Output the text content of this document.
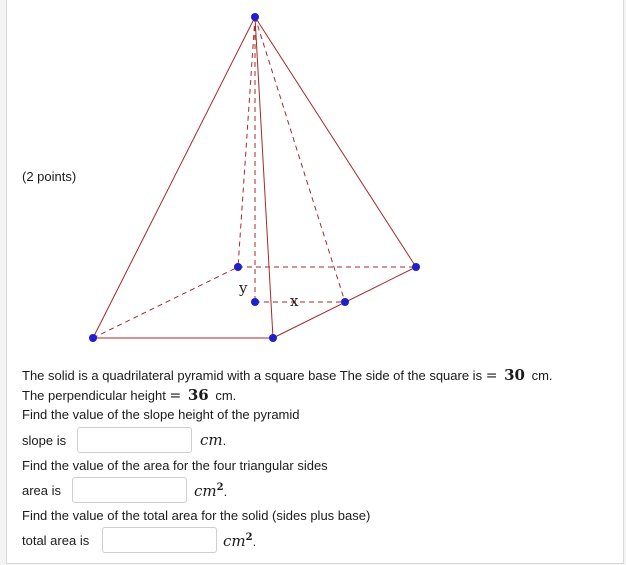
(2 points)
y
x
The solid is a quadrilateral pyramid with a square base The side of the square is = 30 cm.
The perpendicular height = 36 cm.
Find the value of the slope height of the pyramid
slope is	cm.
Find the value of the area for the four triangular sides
area is	$cm^2$.
Find the value of the total area for the solid (sides plus base)
total area is	$cm^2$.
